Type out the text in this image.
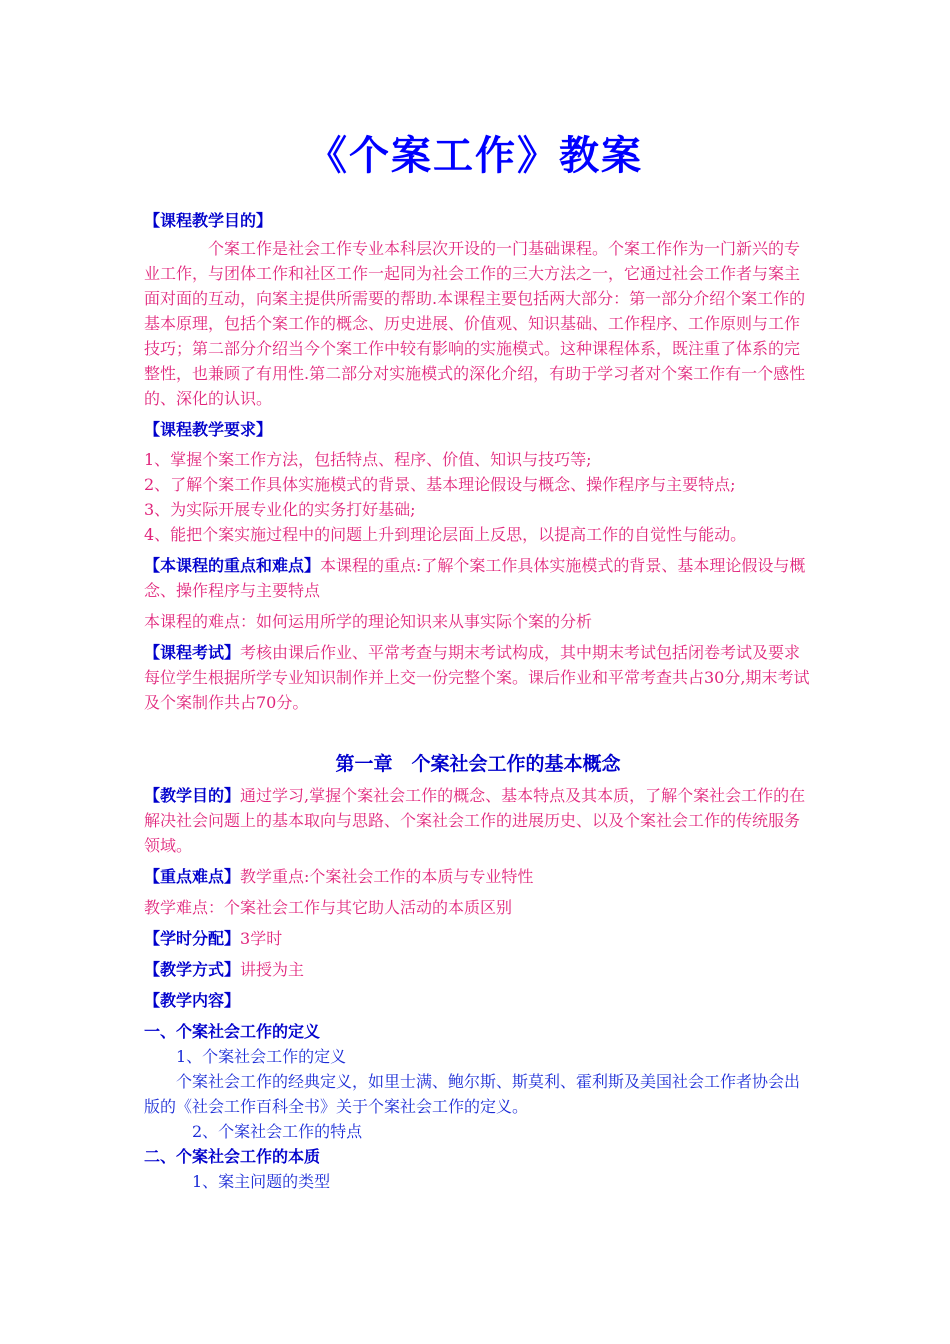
《个案工作》教案

【课程教学目的】

个案工作是社会工作专业本科层次开设的一门基础课程。个案工作作为一门新兴的专业工作，与团体工作和社区工作一起同为社会工作的三大方法之一，它通过社会工作者与案主面对面的互动，向案主提供所需要的帮助.本课程主要包括两大部分：第一部分介绍个案工作的基本原理，包括个案工作的概念、历史进展、价值观、知识基础、工作程序、工作原则与工作技巧；第二部分介绍当今个案工作中较有影响的实施模式。这种课程体系，既注重了体系的完整性，也兼顾了有用性.第二部分对实施模式的深化介绍，有助于学习者对个案工作有一个感性的、深化的认识。

【课程教学要求】

1、掌握个案工作方法，包括特点、程序、价值、知识与技巧等;

2、了解个案工作具体实施模式的背景、基本理论假设与概念、操作程序与主要特点;

3、为实际开展专业化的实务打好基础;

4、能把个案实施过程中的问题上升到理论层面上反思，以提高工作的自觉性与能动。

【本课程的重点和难点】本课程的重点:了解个案工作具体实施模式的背景、基本理论假设与概念、操作程序与主要特点

本课程的难点：如何运用所学的理论知识来从事实际个案的分析

【课程考试】考核由课后作业、平常考查与期末考试构成，其中期末考试包括闭卷考试及要求每位学生根据所学专业知识制作并上交一份完整个案。课后作业和平常考查共占30分,期末考试及个案制作共占70分。

第一章　个案社会工作的基本概念

【教学目的】通过学习,掌握个案社会工作的概念、基本特点及其本质，了解个案社会工作的在解决社会问题上的基本取向与思路、个案社会工作的进展历史、以及个案社会工作的传统服务领域。

【重点难点】教学重点:个案社会工作的本质与专业特性

教学难点：个案社会工作与其它助人活动的本质区别

【学时分配】3学时

【教学方式】讲授为主

【教学内容】

一、个案社会工作的定义

1、个案社会工作的定义

个案社会工作的经典定义，如里士满、鲍尔斯、斯莫利、霍利斯及美国社会工作者协会出版的《社会工作百科全书》关于个案社会工作的定义。

2、个案社会工作的特点

二、个案社会工作的本质

1、案主问题的类型
